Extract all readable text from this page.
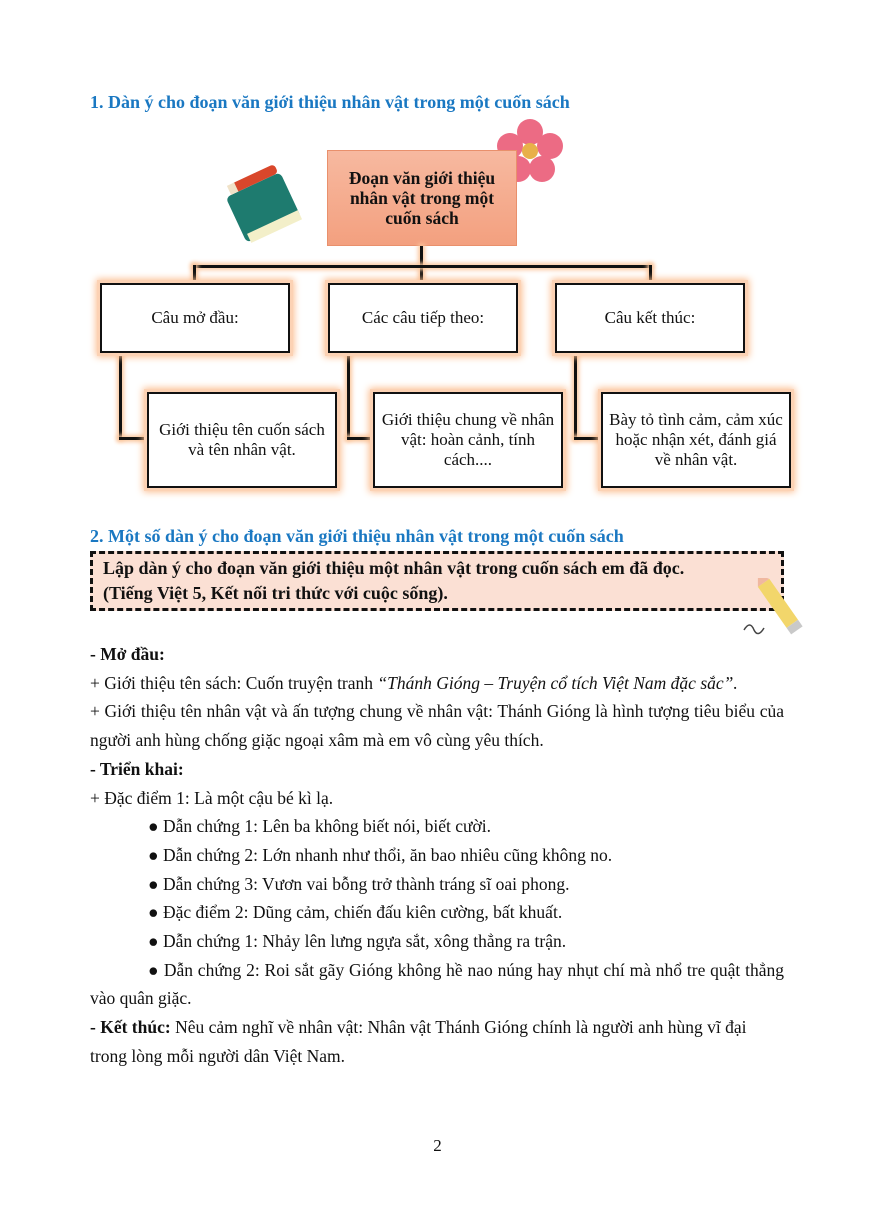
1. Dàn ý cho đoạn văn giới thiệu nhân vật trong một cuốn sách
Đoạn văn giới thiệu nhân vật trong một cuốn sách
Câu mở đầu:	Các câu tiếp theo:	Câu kết thúc:
Giới thiệu tên cuốn sách và tên nhân vật.
Giới thiệu chung về nhân vật: hoàn cảnh, tính cách....
Bày tỏ tình cảm, cảm xúc hoặc nhận xét, đánh giá về nhân vật.
2. Một số dàn ý cho đoạn văn giới thiệu nhân vật trong một cuốn sách
Lập dàn ý cho đoạn văn giới thiệu một nhân vật trong cuốn sách em đã đọc.
(Tiếng Việt 5, Kết nối tri thức với cuộc sống).

- Mở đầu:

+ Giới thiệu tên sách: Cuốn truyện tranh “Thánh Gióng – Truyện cổ tích Việt Nam đặc sắc”.

+ Giới thiệu tên nhân vật và ấn tượng chung về nhân vật: Thánh Gióng là hình tượng tiêu biểu của người anh hùng chống giặc ngoại xâm mà em vô cùng yêu thích.

- Triển khai:

+ Đặc điểm 1: Là một cậu bé kì lạ.

● Dẫn chứng 1: Lên ba không biết nói, biết cười.

● Dẫn chứng 2: Lớn nhanh như thổi, ăn bao nhiêu cũng không no.

● Dẫn chứng 3: Vươn vai bỗng trở thành tráng sĩ oai phong.

● Đặc điểm 2: Dũng cảm, chiến đấu kiên cường, bất khuất.

● Dẫn chứng 1: Nhảy lên lưng ngựa sắt, xông thẳng ra trận.

● Dẫn chứng 2: Roi sắt gãy Gióng không hề nao núng hay nhụt chí mà nhổ tre quật thẳng vào quân giặc.

- Kết thúc: Nêu cảm nghĩ về nhân vật: Nhân vật Thánh Gióng chính là người anh hùng vĩ đại trong lòng mỗi người dân Việt Nam.

2
